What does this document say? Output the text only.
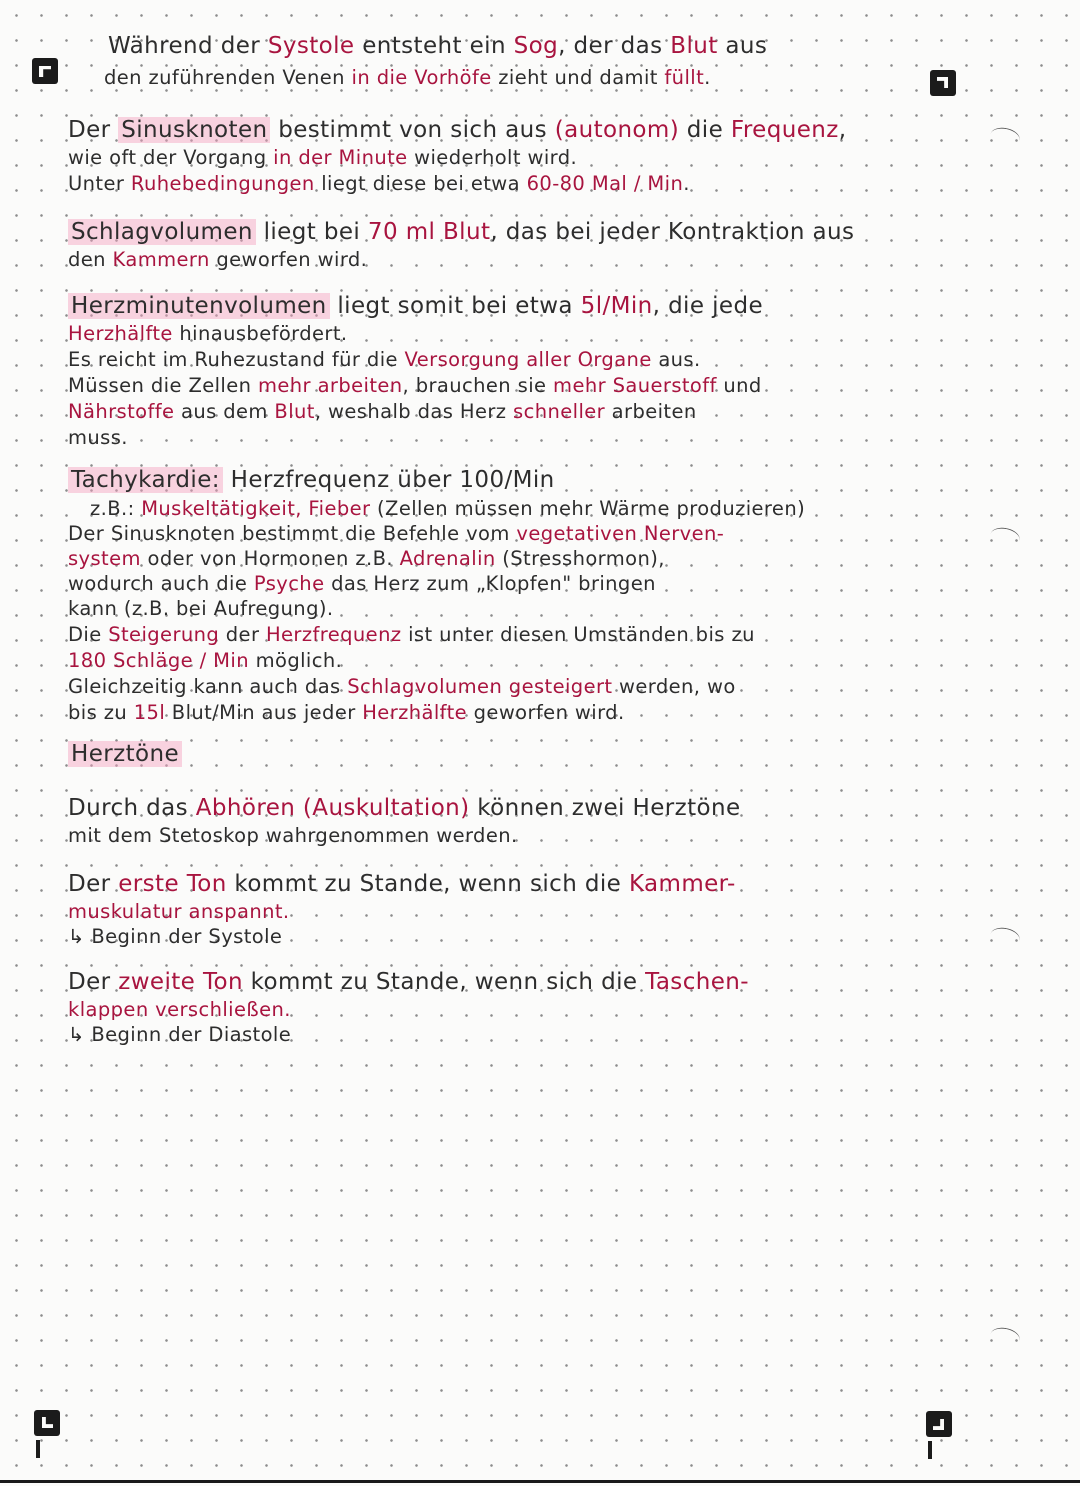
Während der Systole entsteht ein Sog, der das Blut aus
den zuführenden Venen in die Vorhöfe zieht und damit füllt.
Der Sinusknoten bestimmt von sich aus (autonom) die Frequenz,
wie oft der Vorgang in der Minute wiederholt wird.
Unter Ruhebedingungen liegt diese bei etwa 60-80 Mal / Min.
Schlagvolumen liegt bei 70 ml Blut, das bei jeder Kontraktion aus
den Kammern geworfen wird.
Herzminutenvolumen liegt somit bei etwa 5l/Min, die jede
Herzhälfte hinausbefördert.
Es reicht im Ruhezustand für die Versorgung aller Organe aus.
Müssen die Zellen mehr arbeiten, brauchen sie mehr Sauerstoff und
Nährstoffe aus dem Blut, weshalb das Herz schneller arbeiten
muss.
Tachykardie: Herzfrequenz über 100/Min
z.B.: Muskeltätigkeit, Fieber (Zellen müssen mehr Wärme produzieren)
Der Sinusknoten bestimmt die Befehle vom vegetativen Nerven-
system oder von Hormonen z.B. Adrenalin (Stresshormon),
wodurch auch die Psyche das Herz zum „Klopfen" bringen
kann (z.B. bei Aufregung).
Die Steigerung der Herzfrequenz ist unter diesen Umständen bis zu
180 Schläge / Min möglich.
Gleichzeitig kann auch das Schlagvolumen gesteigert werden, wo
bis zu 15l Blut/Min aus jeder Herzhälfte geworfen wird.
Herztöne
Durch das Abhören (Auskultation) können zwei Herztöne
mit dem Stetoskop wahrgenommen werden.
Der erste Ton kommt zu Stande, wenn sich die Kammer-
muskulatur anspannt.
↳ Beginn der Systole
Der zweite Ton kommt zu Stande, wenn sich die Taschen-
klappen verschließen.
↳ Beginn der Diastole
